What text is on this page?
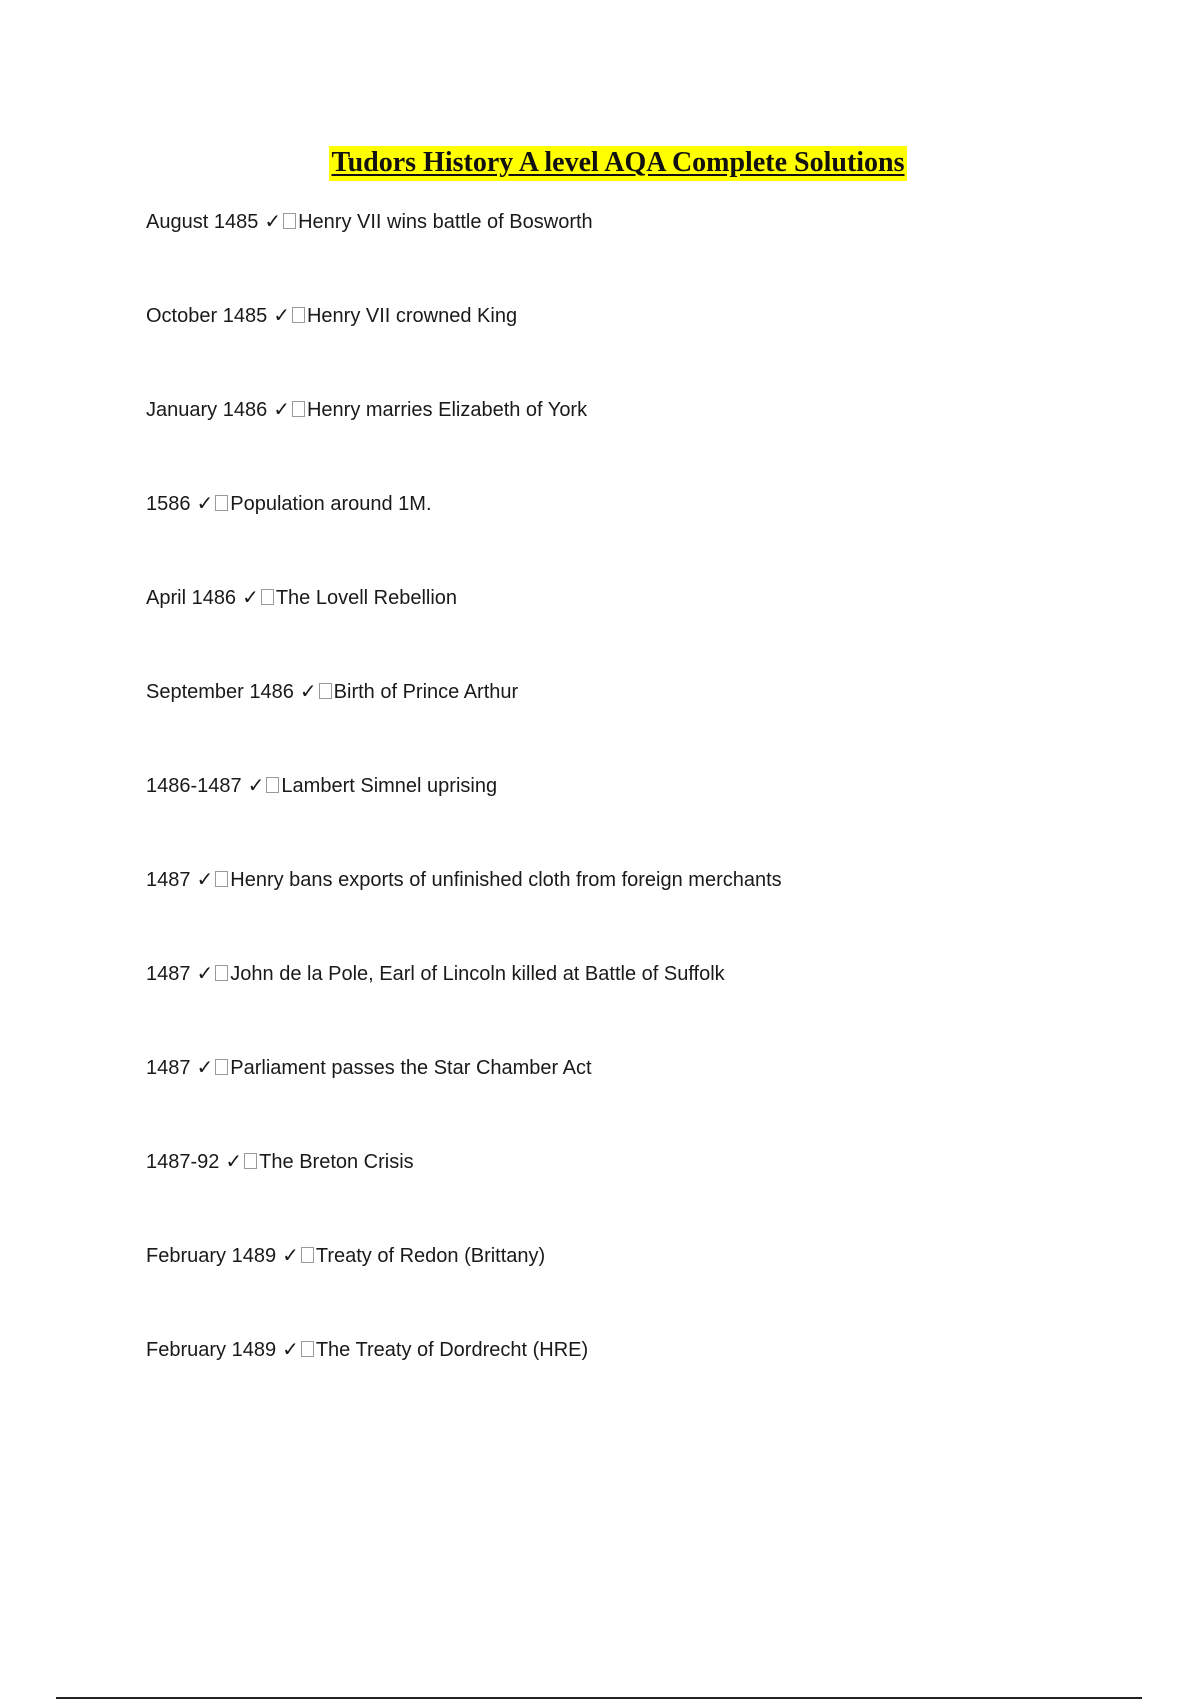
Tudors History A level AQA Complete Solutions
August 1485 ✓ Henry VII wins battle of Bosworth
October 1485 ✓ Henry VII crowned King
January 1486 ✓ Henry marries Elizabeth of York
1586 ✓ Population around 1M.
April 1486 ✓ The Lovell Rebellion
September 1486 ✓ Birth of Prince Arthur
1486-1487 ✓ Lambert Simnel uprising
1487 ✓ Henry bans exports of unfinished cloth from foreign merchants
1487 ✓ John de la Pole, Earl of Lincoln killed at Battle of Suffolk
1487 ✓ Parliament passes the Star Chamber Act
1487-92 ✓ The Breton Crisis
February 1489 ✓ Treaty of Redon (Brittany)
February 1489 ✓ The Treaty of Dordrecht (HRE)
